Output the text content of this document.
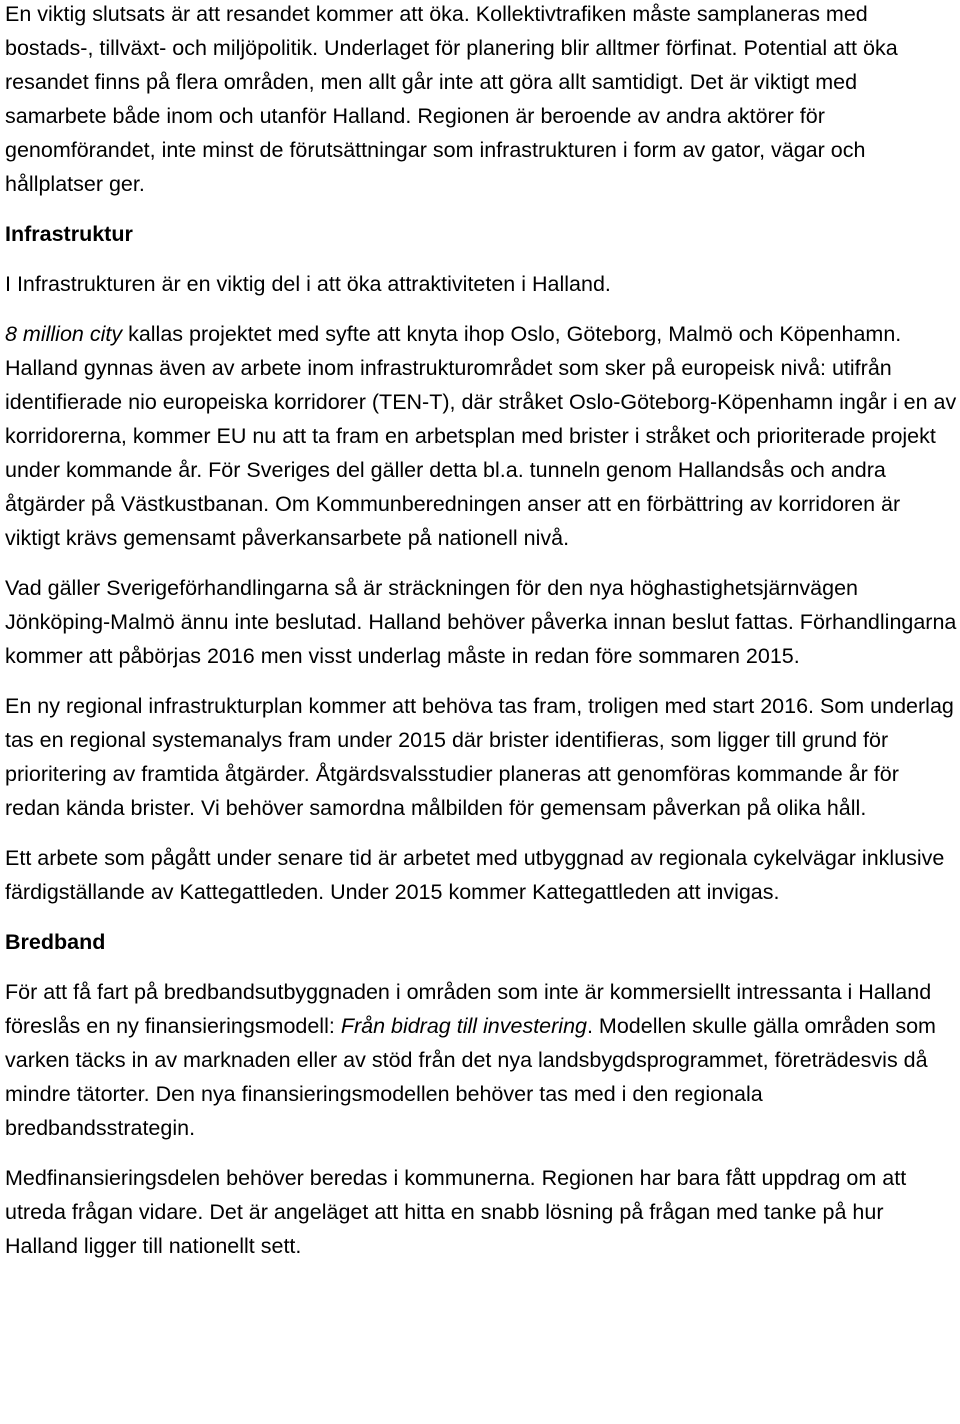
En viktig slutsats är att resandet kommer att öka. Kollektivtrafiken måste samplaneras med bostads-, tillväxt- och miljöpolitik. Underlaget för planering blir alltmer förfinat. Potential att öka resandet finns på flera områden, men allt går inte att göra allt samtidigt. Det är viktigt med samarbete både inom och utanför Halland. Regionen är beroende av andra aktörer för genomförandet, inte minst de förutsättningar som infrastrukturen i form av gator, vägar och hållplatser ger.

Infrastruktur

I Infrastrukturen är en viktig del i att öka attraktiviteten i Halland.

8 million city kallas projektet med syfte att knyta ihop Oslo, Göteborg, Malmö och Köpenhamn. Halland gynnas även av arbete inom infrastrukturområdet som sker på europeisk nivå: utifrån identifierade nio europeiska korridorer (TEN-T), där stråket Oslo-Göteborg-Köpenhamn ingår i en av korridorerna, kommer EU nu att ta fram en arbetsplan med brister i stråket och prioriterade projekt under kommande år. För Sveriges del gäller detta bl.a. tunneln genom Hallandsås och andra åtgärder på Västkustbanan. Om Kommunberedningen anser att en förbättring av korridoren är viktigt krävs gemensamt påverkansarbete på nationell nivå.

Vad gäller Sverigeförhandlingarna så är sträckningen för den nya höghastighetsjärnvägen Jönköping-Malmö ännu inte beslutad. Halland behöver påverka innan beslut fattas. Förhandlingarna kommer att påbörjas 2016 men visst underlag måste in redan före sommaren 2015.

En ny regional infrastrukturplan kommer att behöva tas fram, troligen med start 2016. Som underlag tas en regional systemanalys fram under 2015 där brister identifieras, som ligger till grund för prioritering av framtida åtgärder. Åtgärdsvalsstudier planeras att genomföras kommande år för redan kända brister. Vi behöver samordna målbilden för gemensam påverkan på olika håll.

Ett arbete som pågått under senare tid är arbetet med utbyggnad av regionala cykelvägar inklusive färdigställande av Kattegattleden. Under 2015 kommer Kattegattleden att invigas.

Bredband

För att få fart på bredbandsutbyggnaden i områden som inte är kommersiellt intressanta i Halland föreslås en ny finansieringsmodell: Från bidrag till investering. Modellen skulle gälla områden som varken täcks in av marknaden eller av stöd från det nya landsbygdsprogrammet, företrädesvis då mindre tätorter. Den nya finansieringsmodellen behöver tas med i den regionala bredbandsstrategin.

Medfinansieringsdelen behöver beredas i kommunerna. Regionen har bara fått uppdrag om att utreda frågan vidare. Det är angeläget att hitta en snabb lösning på frågan med tanke på hur Halland ligger till nationellt sett.
